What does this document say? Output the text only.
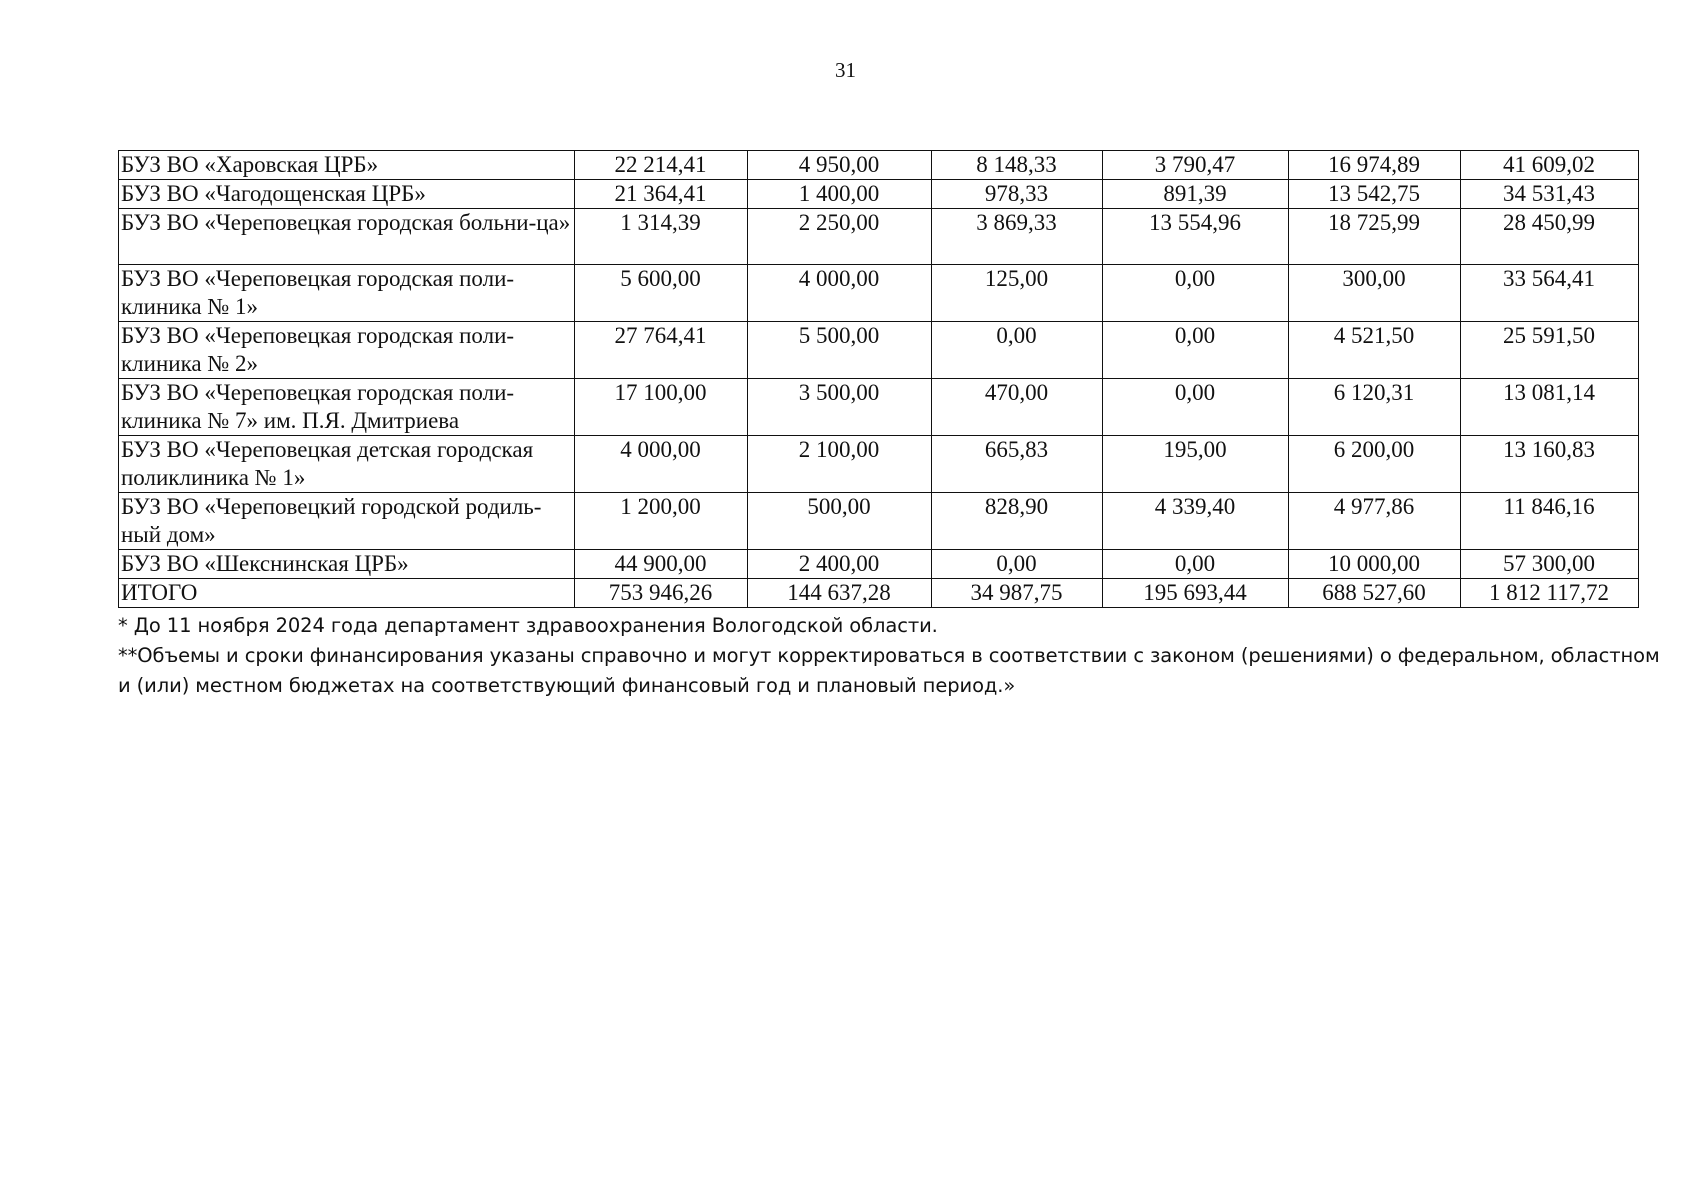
31
БУЗ ВО «Харовская ЦРБ»	22 214,41	4 950,00	8 148,33	3 790,47	16 974,89	41 609,02
БУЗ ВО «Чагодощенская ЦРБ»	21 364,41	1 400,00	978,33	891,39	13 542,75	34 531,43
БУЗ ВО «Череповецкая городская больни-ца»	1 314,39	2 250,00	3 869,33	13 554,96	18 725,99	28 450,99
БУЗ ВО «Череповецкая городская поли-клиника № 1»	5 600,00	4 000,00	125,00	0,00	300,00	33 564,41
БУЗ ВО «Череповецкая городская поли-клиника № 2»	27 764,41	5 500,00	0,00	0,00	4 521,50	25 591,50
БУЗ ВО «Череповецкая городская поли-клиника № 7» им. П.Я. Дмитриева	17 100,00	3 500,00	470,00	0,00	6 120,31	13 081,14
БУЗ ВО «Череповецкая детская городская поликлиника № 1»	4 000,00	2 100,00	665,83	195,00	6 200,00	13 160,83
БУЗ ВО «Череповецкий городской родиль-ный дом»	1 200,00	500,00	828,90	4 339,40	4 977,86	11 846,16
БУЗ ВО «Шекснинская ЦРБ»	44 900,00	2 400,00	0,00	0,00	10 000,00	57 300,00
ИТОГО	753 946,26	144 637,28	34 987,75	195 693,44	688 527,60	1 812 117,72

* До 11 ноября 2024 года департамент здравоохранения Вологодской области.

**Объемы и сроки финансирования указаны справочно и могут корректироваться в соответствии с законом (решениями) о федеральном, областном и (или) местном бюджетах на соответствующий финансовый год и плановый период.»
